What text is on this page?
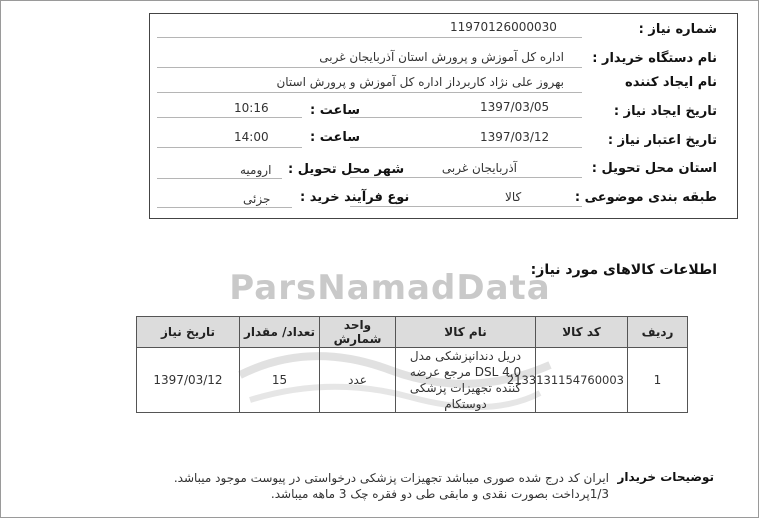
ParsNamadData
شماره نیاز :
11970126000030
نام دستگاه خریدار :
اداره کل آموزش و پرورش استان آذربایجان غربی
نام ایجاد کننده
بهروز علی نژاد کاربرداز اداره کل آموزش و پرورش استان
تاریخ ایجاد نیاز :
1397/03/05
ساعت :
10:16
تاریخ اعتبار نیاز :
1397/03/12
ساعت :
14:00
استان محل تحویل :
آذربایجان غربی
شهر محل تحویل :
ارومیه
طبقه بندی موضوعی :
کالا
نوع فرآیند خرید :
جزئی
اطلاعات کالاهای مورد نیاز:
ردیف	کد کالا	نام کالا	واحد شمارش	تعداد/ مقدار	تاریخ نیاز
1	2133131154760003	دریل دندانپزشکی مدل DSL 4.0 مرجع عرضه کننده تجهیزات پزشکی دوستکام	عدد	15	1397/03/12
توضیحات خریدار
ایران کد درج شده صوری میباشد تجهیزات پزشکی درخواستی در پیوست موجود میباشد.
1/3پرداخت بصورت نقدی و مابقی طی دو فقره چک 3 ماهه میباشد.
